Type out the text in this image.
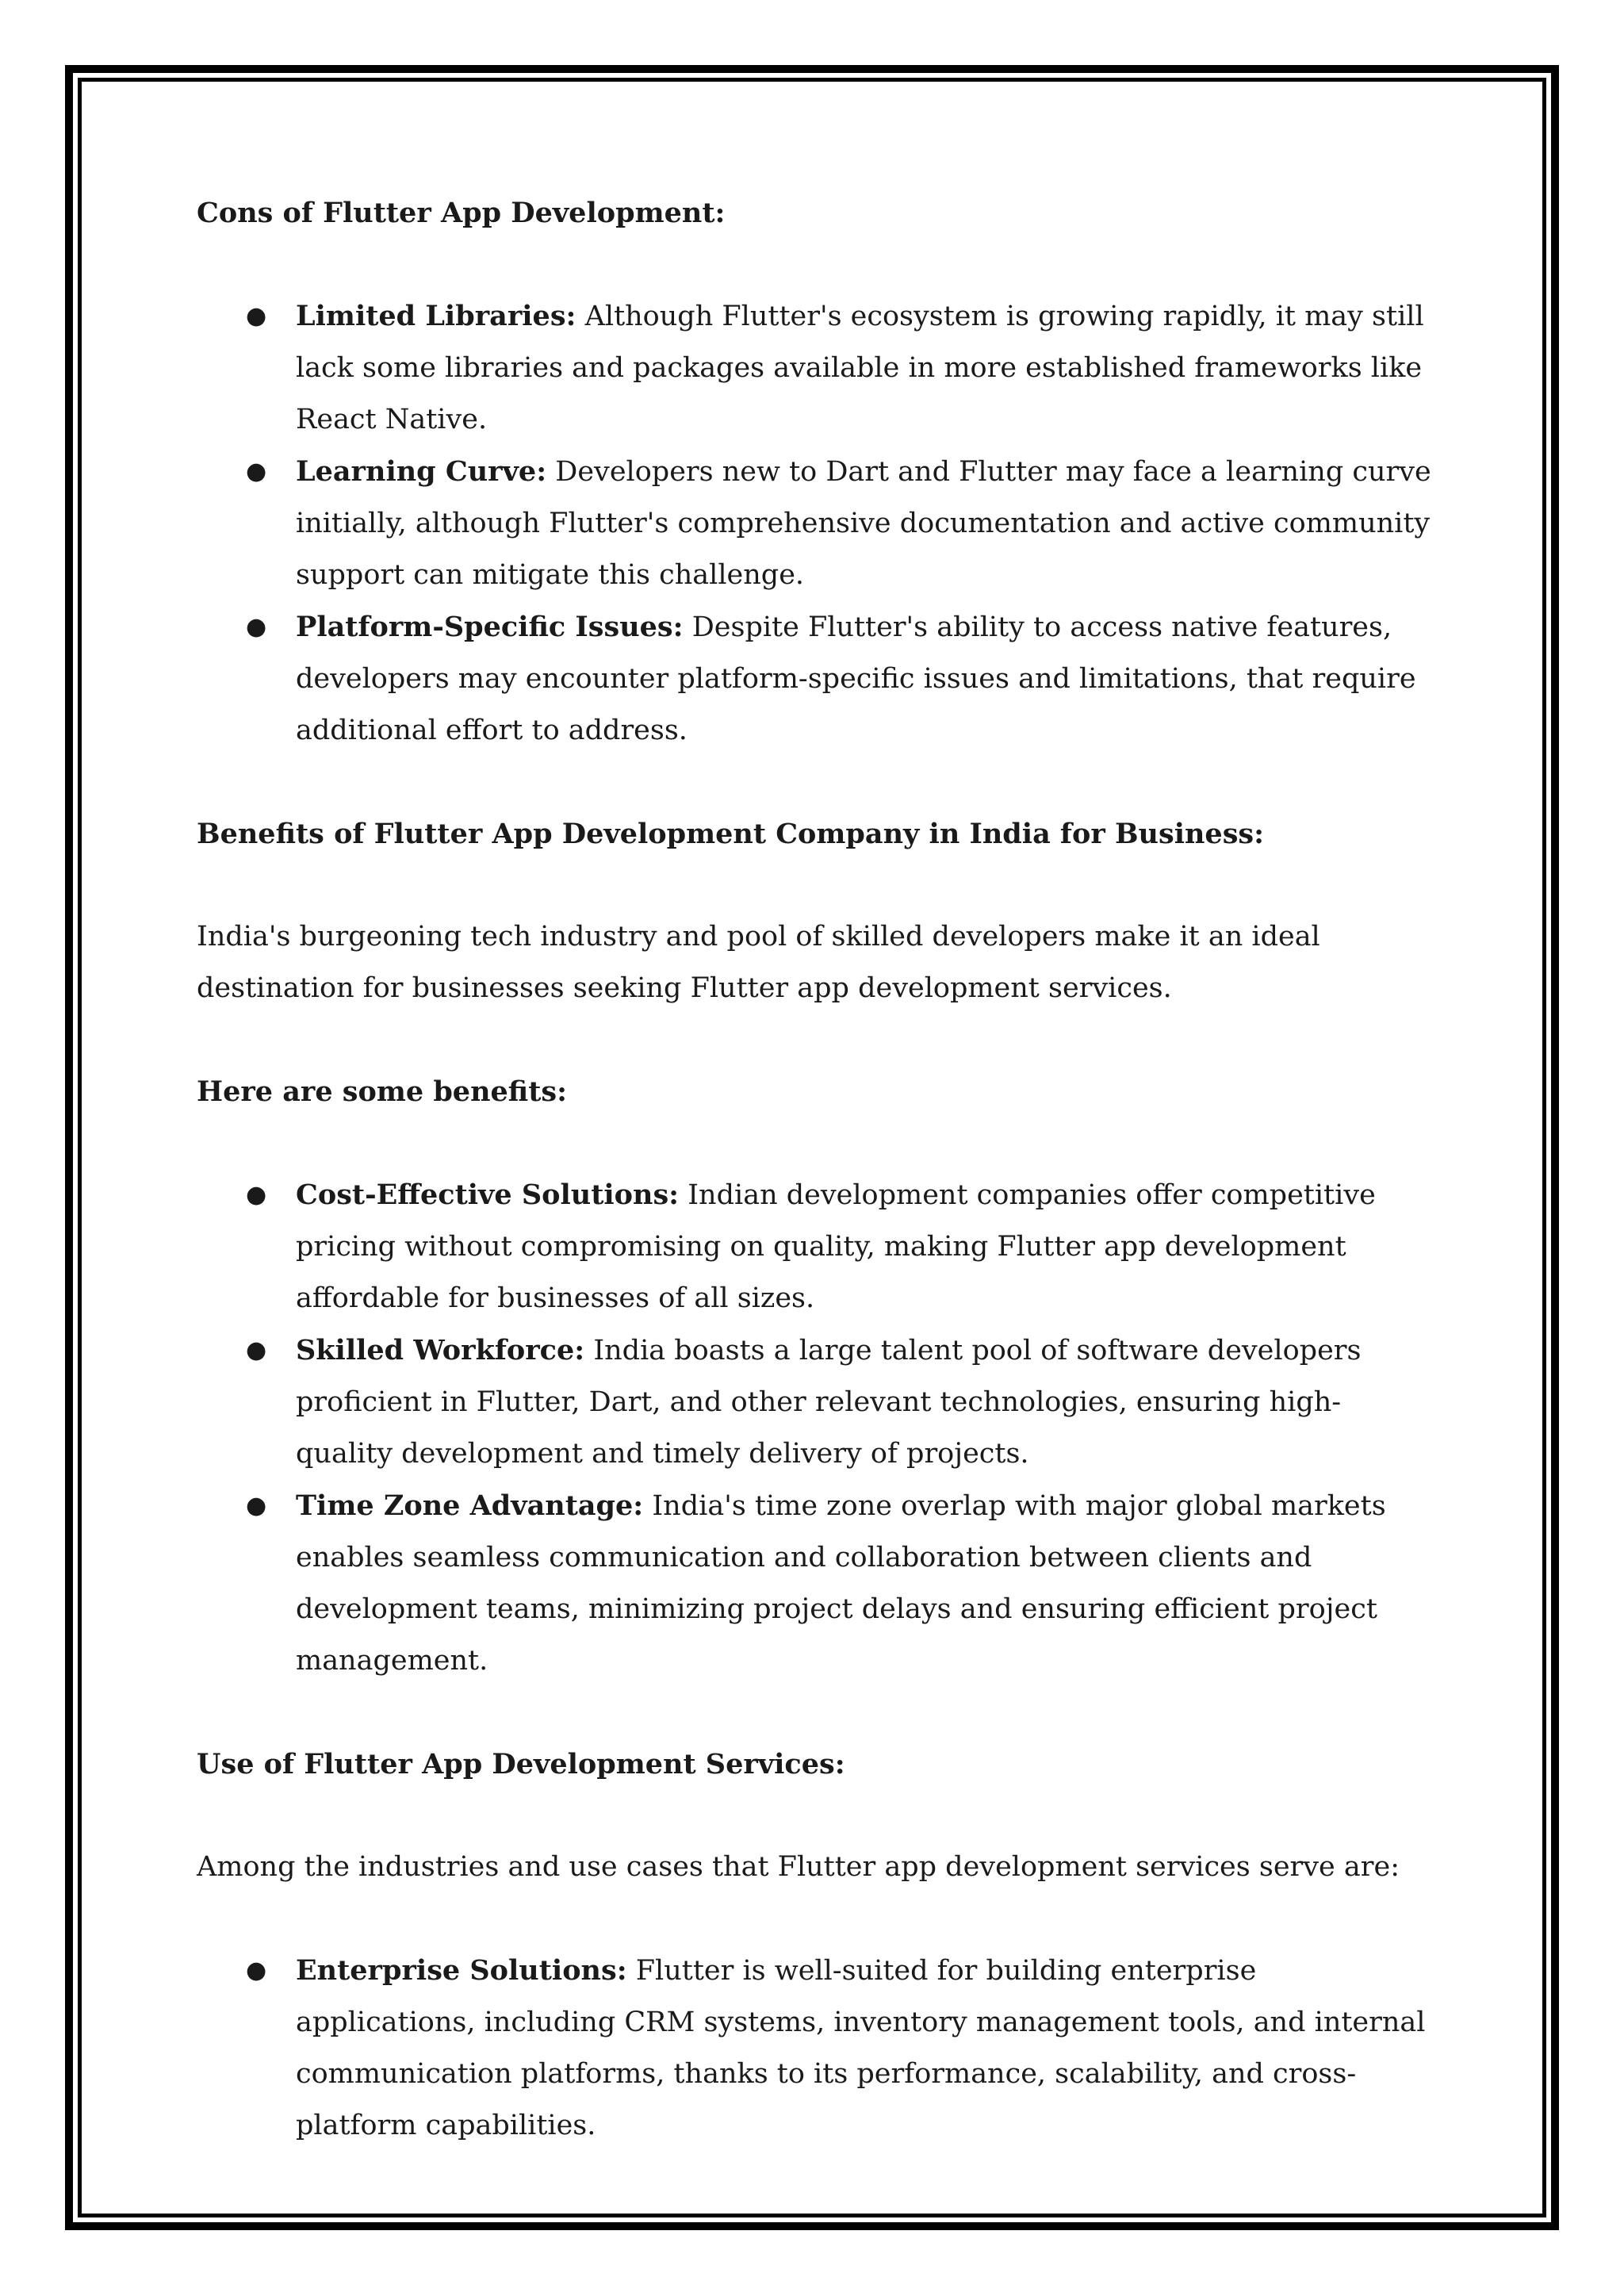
Cons of Flutter App Development:

● Limited Libraries: Although Flutter's ecosystem is growing rapidly, it may still lack some libraries and packages available in more established frameworks like React Native.
● Learning Curve: Developers new to Dart and Flutter may face a learning curve initially, although Flutter's comprehensive documentation and active community support can mitigate this challenge.
● Platform-Specific Issues: Despite Flutter's ability to access native features, developers may encounter platform-specific issues and limitations, that require additional effort to address.

Benefits of Flutter App Development Company in India for Business:

India's burgeoning tech industry and pool of skilled developers make it an ideal destination for businesses seeking Flutter app development services.

Here are some benefits:

● Cost-Effective Solutions: Indian development companies offer competitive pricing without compromising on quality, making Flutter app development affordable for businesses of all sizes.
● Skilled Workforce: India boasts a large talent pool of software developers proficient in Flutter, Dart, and other relevant technologies, ensuring high-quality development and timely delivery of projects.
● Time Zone Advantage: India's time zone overlap with major global markets enables seamless communication and collaboration between clients and development teams, minimizing project delays and ensuring efficient project management.

Use of Flutter App Development Services:

Among the industries and use cases that Flutter app development services serve are:

● Enterprise Solutions: Flutter is well-suited for building enterprise applications, including CRM systems, inventory management tools, and internal communication platforms, thanks to its performance, scalability, and cross-platform capabilities.
